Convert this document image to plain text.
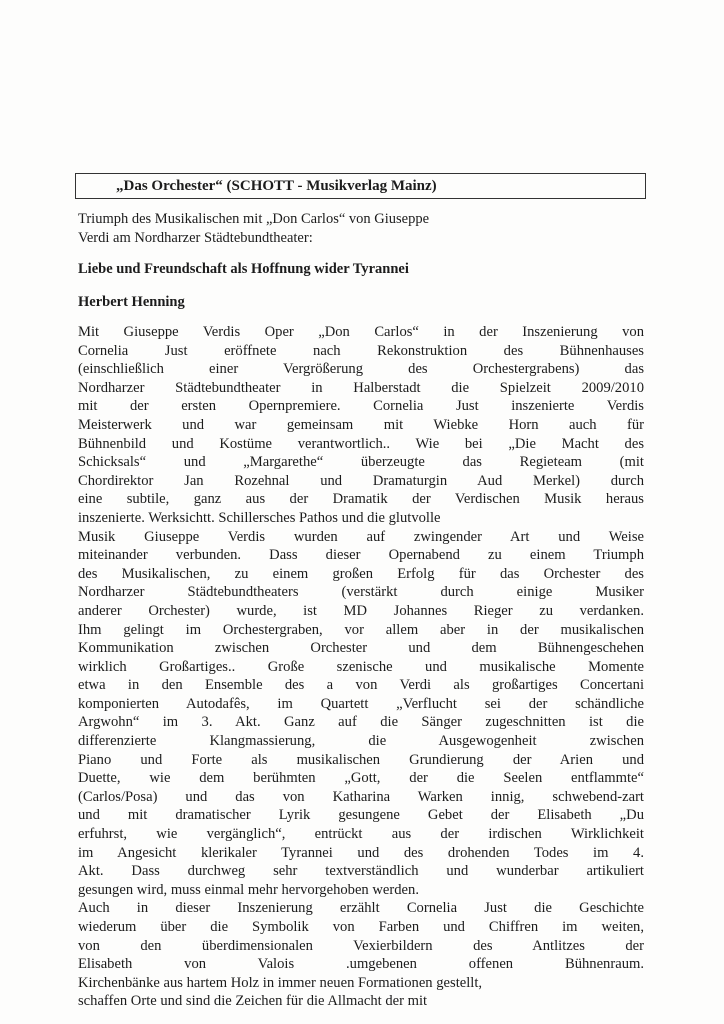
„Das Orchester“ (SCHOTT - Musikverlag Mainz)
Triumph des Musikalischen mit „Don Carlos“ von Giuseppe
Verdi am Nordharzer Städtebundtheater:
Liebe und Freundschaft als Hoffnung wider Tyrannei
Herbert Henning
Mit Giuseppe Verdis Oper „Don Carlos“ in der Inszenierung von
Cornelia Just eröffnete nach Rekonstruktion des Bühnenhauses
(einschließlich einer Vergrößerung des Orchestergrabens) das
Nordharzer Städtebundtheater in Halberstadt die Spielzeit 2009/2010
mit der ersten Opernpremiere. Cornelia Just inszenierte Verdis
Meisterwerk und war gemeinsam mit Wiebke Horn auch für
Bühnenbild und Kostüme verantwortlich.. Wie bei „Die Macht des
Schicksals“ und „Margarethe“ überzeugte das Regieteam (mit
Chordirektor Jan Rozehnal und Dramaturgin Aud Merkel) durch
eine subtile, ganz aus der Dramatik der Verdischen Musik heraus
inszenierte. Werksichtt. Schillersches Pathos und die glutvolle
Musik Giuseppe Verdis wurden auf zwingender Art und Weise
miteinander verbunden. Dass dieser Opernabend zu einem Triumph
des Musikalischen, zu einem großen Erfolg für das Orchester des
Nordharzer Städtebundtheaters (verstärkt durch einige Musiker
anderer Orchester) wurde, ist MD Johannes Rieger zu verdanken.
Ihm gelingt im Orchestergraben, vor allem aber in der musikalischen
Kommunikation zwischen Orchester und dem Bühnengeschehen
wirklich Großartiges.. Große szenische und musikalische Momente
etwa in den Ensemble des a von Verdi als großartiges Concertani
komponierten Autodafês, im Quartett „Verflucht sei der schändliche
Argwohn“ im 3. Akt. Ganz auf die Sänger zugeschnitten ist die
differenzierte Klangmassierung, die Ausgewogenheit zwischen
Piano und Forte als musikalischen Grundierung der Arien und
Duette, wie dem berühmten „Gott, der die Seelen entflammte“
(Carlos/Posa) und das von Katharina Warken innig, schwebend-zart
und mit dramatischer Lyrik gesungene Gebet der Elisabeth „Du
erfuhrst, wie vergänglich“, entrückt aus der irdischen Wirklichkeit
im Angesicht klerikaler Tyrannei und des drohenden Todes im 4.
Akt. Dass durchweg sehr textverständlich und wunderbar artikuliert
gesungen wird, muss einmal mehr hervorgehoben werden.
Auch in dieser Inszenierung erzählt Cornelia Just die Geschichte
wiederum über die Symbolik von Farben und Chiffren im weiten,
von den überdimensionalen Vexierbildern des Antlitzes der
Elisabeth von Valois .umgebenen offenen Bühnenraum.
Kirchenbänke aus hartem Holz in immer neuen Formationen gestellt,
schaffen Orte und sind die Zeichen für die Allmacht der mit
